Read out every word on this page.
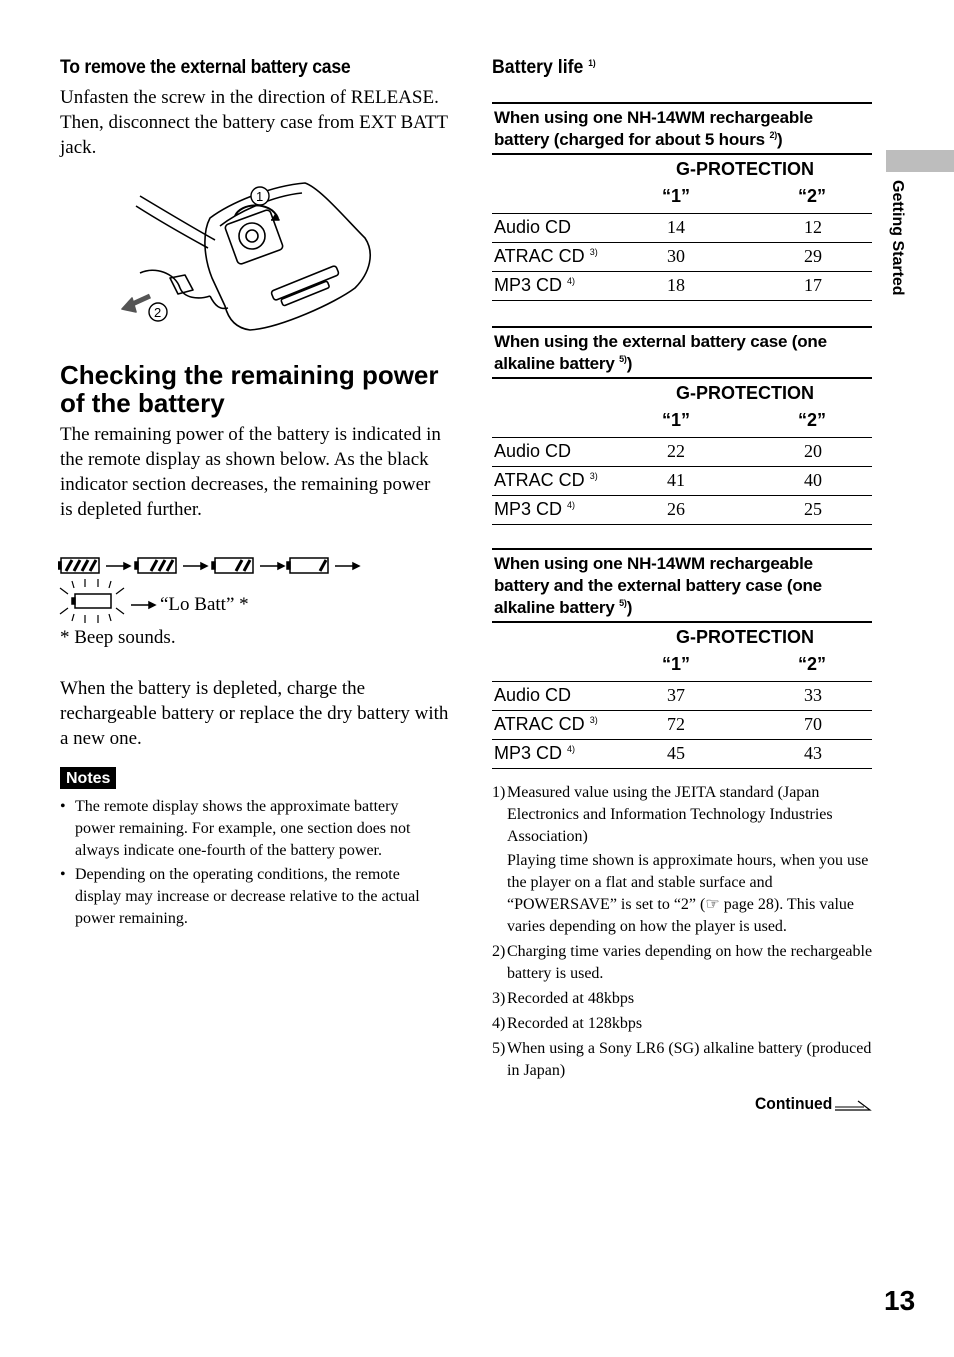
To remove the external battery case
Unfasten the screw in the direction of RELEASE. Then, disconnect the battery case from EXT BATT jack.
1
2
Checking the remaining power of the battery
The remaining power of the battery is indicated in the remote display as shown below. As the black indicator section decreases, the remaining power is depleted further.
“Lo Batt” *
* Beep sounds.
When the battery is depleted, charge the rechargeable battery or replace the dry battery with a new one.
Notes
• The remote display shows the approximate battery power remaining. For example, one section does not always indicate one-fourth of the battery power.
• Depending on the operating conditions, the remote display may increase or decrease relative to the actual power remaining.
Battery life $^{1)}$
When using one NH-14WM rechargeable battery (charged for about 5 hours $^{2)}$)
G-PROTECTION
“1”	“2”
Audio CD	14	12
ATRAC CD $^{3)}$	30	29
MP3 CD $^{4)}$	18	17
When using the external battery case (one alkaline battery $^{5)}$)
G-PROTECTION
“1”	“2”
Audio CD	22	20
ATRAC CD $^{3)}$	41	40
MP3 CD $^{4)}$	26	25
When using one NH-14WM rechargeable battery and the external battery case (one alkaline battery $^{5)}$)
G-PROTECTION
“1”	“2”
Audio CD	37	33
ATRAC CD $^{3)}$	72	70
MP3 CD $^{4)}$	45	43
1) Measured value using the JEITA standard (Japan Electronics and Information Technology Industries Association)

Playing time shown is approximate hours, when you use the player on a flat and stable surface and “POWERSAVE” is set to “2” (☞ page 28). This value varies depending on how the player is used.

2) Charging time varies depending on how the rechargeable battery is used.

3) Recorded at 48kbps

4) Recorded at 128kbps

5) When using a Sony LR6 (SG) alkaline battery (produced in Japan)

Continued
Getting Started
13
